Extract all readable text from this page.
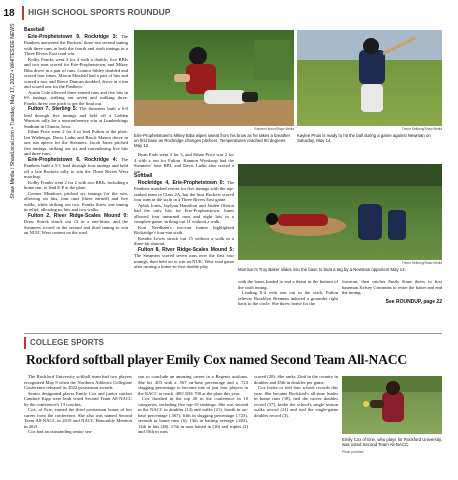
18
Shaw Media / ShawLocal.com • Tuesday, May 17, 2022 • WHITESIDE NEWS
HIGH SCHOOL SPORTS ROUNDUP
Baseball

Erie-Prophetstown 9, Rockridge 3: The Panthers answered the Rockets' three-run second inning with three runs in both the fourth and sixth innings in a Three Rivers East road win.

Kolby Franks went 3 for 4 with a double, five RBIs and two runs scored for Erie-Prophetstown, and Mikey Biba drove in a pair of runs. Connor Sibley doubled and scored four times, Mason Mitsfeld had a pair of hits and scored a run, and Reece Duncan doubled, drove in a run and scored one for the Panthers.

Austin Cole allowed three earned runs and five hits in 6⅔ innings, striking out seven and walking three. Franks threw one pitch to get the final out.

Fulton 7, Sterling 5: The Steamers built a 6-0 lead through five innings and held off a Golden Warriors rally for a nonconference win at Lumberkings Stadium in Clinton, Iowa.

Ethan Price went 2 for 4 to lead Fulton at the plate. Ian Wiebenga, Davis Ladin and Brock Mason drove in one run apiece for the Steamers. Jacob Jones pitched five innings, striking out six and surrendering five hits and three runs.

Erie-Prophetstown 6, Rockridge 4: The Panthers built a 5-1 lead through four innings and held off a late Rockets rally to win the Three Rivers West matchup.

Kolby Franks went 2 for 2 with two RBIs, including a home run, to lead E-P at the plate.

Conner Meadows pitched six innings for the win, allowing six hits, four runs (three earned) and five walks, while striking out two. Franks threw one inning in relief, allowing no hits and two walks.

Fulton 2, River Ridge-Scales Mound 0: Drew Struck struck out 13 in a one-hitter, and the Steamers scored in the second and third inning to win an NUIC West contest on the road.

Earleen Hinton/Shaw Media
Erie-Prophetstown's Mikey Biba wipes sweat from his brow as he takes a breather on first base as Rockridge changes pitchers. Temperatures reached 90 degrees May 12.
Trevor Sellberg/Shaw Media
Kaylee Pruis is ready to hit the ball during a game against Newman on Saturday, May 14.

Ryan Eads went 3 for 3, and Ethan Price was 2 for 4 with a run for Fulton. Kannon Wynkoop had the Steamers' lone RBI, and Davis Ladin also scored a run.

Softball

Rockridge 4, Erie-Prophetstown 0: The Panthers matched zeroes for five innings with the top-ranked team in Class 2A, but the host Rockets scored four runs in the sixth in a Three Rivers East game.

Aylah Jones, Jaylynn Hamilton and Jaiden Oleson had the only hits for Erie-Prophetstown. Jones allowed four unearned runs and eight hits in a complete game, striking out 11 without a walk.

Kori Needham's two-run homer highlighted Rockridge's four-run sixth.

Kendra Lewis struck out 15 without a walk in a three-hit shutout.

Fulton 8, River Ridge-Scales Mound 5: The Steamers scored seven runs over the first four innings, then held on to win an NUIC West road game after turning a home-to-first double play

Trevor Sellberg/Shaw Media
Morrison's Troy Baker slides into the base to beat a tag by a Newman opponent May 14.

with the bases loaded to end a threat in the bottom of the sixth inning.

Leading 8-4 with one out in the sixth, Fulton reliever Brooklyn Brennan induced a grounder right back to the circle. She threw home for the

forceout, then catcher Emily Kane threw to first baseman Kelsey Crimmins to retire the batter and end the inning.

See ROUNDUP, page 22
COLLEGE SPORTS
Rockford softball player Emily Cox named Second Team All-NACC

The Rockford University softball team had two players recognized May 9 when the Northern Athletics Collegiate Conference released its 2022 postseason awards.

Senior designated player Emily Cox and junior catcher Candace Kipp were both voted Second Team All-NACC by the conference's 13 coaches.

Cox, of Erie, earned the third postseason honor of her career from the conference. She also was named Second Team All-NACC in 2019 and NACC Honorable Mention in 2021.

Cox had an outstanding senior sea-

son to conclude an amazing career in a Regents uniform. She hit .403 with a .567 on-base percentage and a .723 slugging percentage to become one of just four players in the NACC to reach .400/.500/.700 at the plate this year.

Cox finished in the top 20 in the conference in 10 categories, including five top-10 rankings. She was second in the NACC in doubles (14) and walks (21), fourth in on-base percentage (.567), fifth in slugging percentage (.723), seventh in home runs (6), 13th in batting average (.403), 14th in hits (48), 17th in runs batted in (26) and triples (2) and 18th in runs

scored (28). She ranks 22nd in the country in doubles and 45th in doubles per game.

Cox broke or tied four school records this year. She became Rockford's all-time leader in home runs (18), tied the career doubles record (37), broke the school's single-season walks record (21) and tied the single-game doubles record (3).

Emily Cox of Erie, who plays for Rockford University, was voted Second Team All-NACC.
Photo provided
